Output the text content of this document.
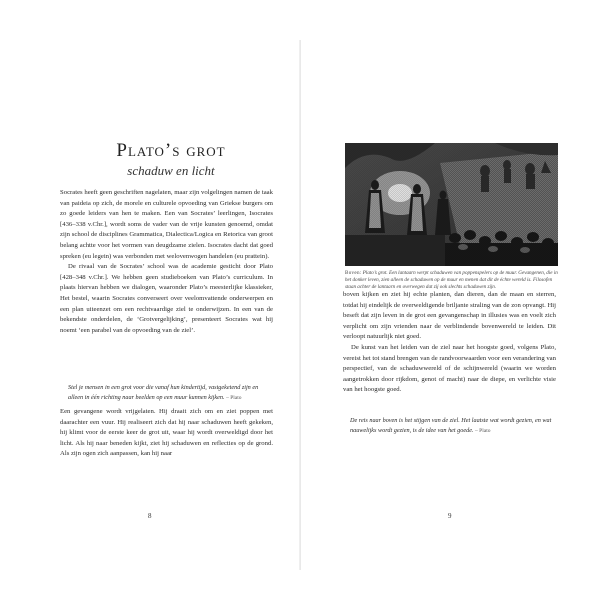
Plato’s grot
schaduw en licht

Socrates heeft geen geschriften nagelaten, maar zijn volgelingen namen de taak van paideia op zich, de morele en culturele opvoeding van Griekse burgers om zo goede leiders van hen te maken. Een van Socrates’ leerlingen, Isocrates [436–338 v.Chr.], wordt soms de vader van de vrije kunsten genoemd, omdat zijn school de disciplines Grammatica, Dialectica/Logica en Retorica van groot belang achtte voor het vormen van deugdzame zielen. Isocrates dacht dat goed spreken (eu legein) was verbonden met welovenwogen handelen (eu prattein).

De rivaal van de Socrates’ school was de academie gesticht door Plato [428–348 v.Chr.]. We hebben geen studieboeken van Plato’s curriculum. In plaats hiervan hebben we dialogen, waaronder Plato’s meesterlijke klassieker, Het bestel, waarin Socrates converseert over veelomvattende onderwerpen en een plan uiteenzet om een rechtvaardige ziel te onderwijzen. In een van de bekendste onderdelen, de ‘Grotvergelijking’, presenteert Socrates wat hij noemt ‘een parabel van de opvoeding van de ziel’.

Stel je mensen in een grot voor die vanaf hun kindertijd, vastgeketend zijn en alleen in één richting naar beelden op een muur kunnen kijken. – Plato

Een gevangene wordt vrijgelaten. Hij draait zich om en ziet poppen met daarachter een vuur. Hij realiseert zich dat hij naar schaduwen heeft gekeken, hij klimt voor de eerste keer de grot uit, waar hij wordt overweldigd door het licht. Als hij naar beneden kijkt, ziet hij schaduwen en reflecties op de grond. Als zijn ogen zich aanpassen, kan hij naar

8
Boven: Plato’s grot. Een lantaarn werpt schaduwen van poppenspelers op de muur. Gevangenen, die in het donker leven, zien alleen de schaduwen op de muur en menen dat dit de échte wereld is. Filosofen staan achter de lantaarn en overwegen dat zij ook slechts schaduwen zijn.

boven kijken en ziet hij echte planten, dan dieren, dan de maan en sterren, totdat hij eindelijk de overweldigende briljante straling van de zon opvangt. Hij beseft dat zijn leven in de grot een gevangenschap in illusies was en voelt zich verplicht om zijn vrienden naar de verblindende bovenwereld te leiden. Dit verloopt natuurlijk niet goed.

De kunst van het leiden van de ziel naar het hoogste goed, volgens Plato, vereist het tot stand brengen van de randvoorwaarden voor een verandering van perspectief, van de schaduwwereld of de schijnwereld (waarin we worden aangetrokken door rijkdom, genot of macht) naar de diepe, en verlichte visie van het hoogste goed.

De reis naar boven is het stijgen van de ziel. Het laatste wat wordt gezien, en wat nauwelijks wordt gezien, is de idee van het goede. – Plato
9
